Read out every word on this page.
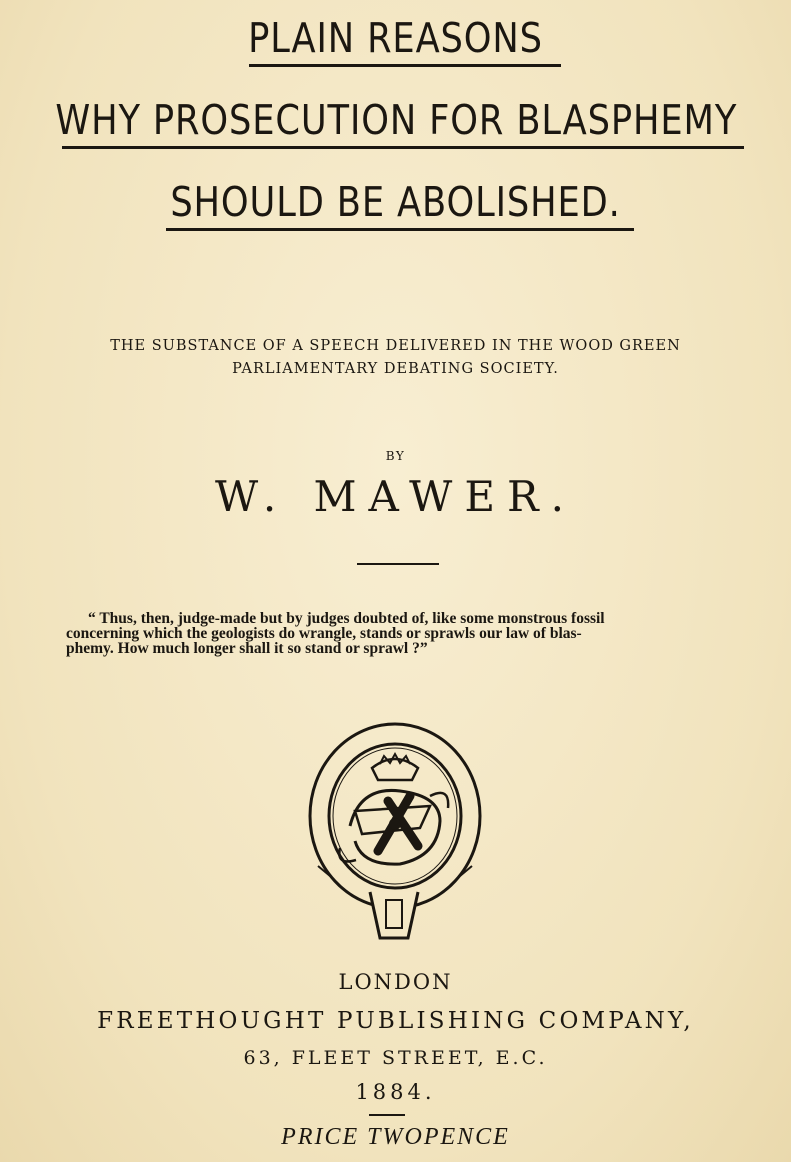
PLAIN REASONS
WHY PROSECUTION FOR BLASPHEMY
SHOULD BE ABOLISHED.
THE SUBSTANCE OF A SPEECH DELIVERED IN THE WOOD GREEN
PARLIAMENTARY DEBATING SOCIETY.
BY
W. MAWER.
“ Thus, then, judge-made but by judges doubted of, like some monstrous fossil
concerning which the geologists do wrangle, stands or sprawls our law of blas-
phemy. How much longer shall it so stand or sprawl ?”
LONDON
FREETHOUGHT PUBLISHING COMPANY,
63, FLEET STREET, E.C.
1884.
PRICE TWOPENCE
